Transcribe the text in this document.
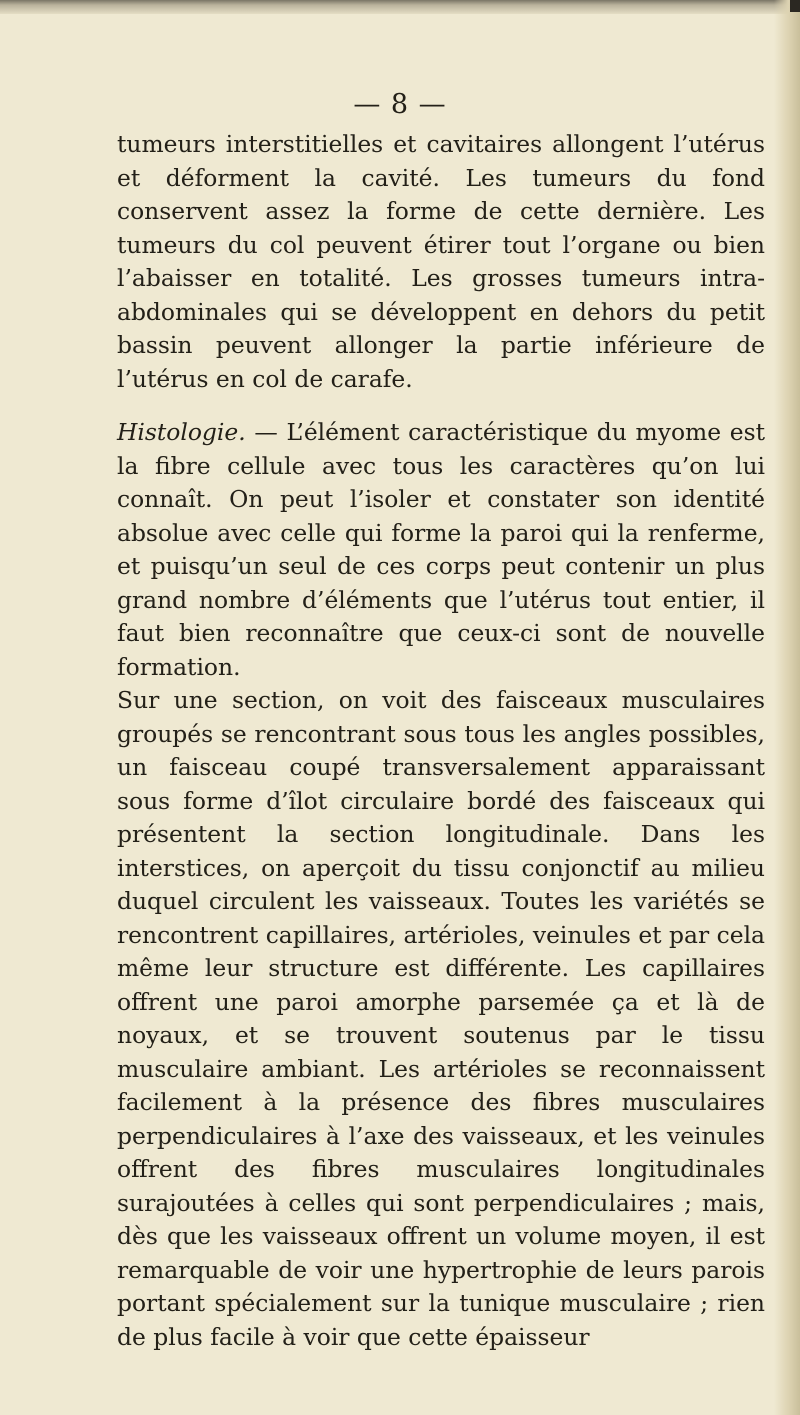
— 8 —

tumeurs interstitielles et cavitaires allongent l’utérus et déforment la cavité. Les tumeurs du fond conservent assez la forme de cette dernière. Les tumeurs du col peuvent étirer tout l’organe ou bien l’abaisser en totalité. Les grosses tumeurs intra-abdominales qui se développent en dehors du petit bassin peuvent allonger la partie inférieure de l’utérus en col de carafe.

Histologie. — L’élément caractéristique du myome est la fibre cellule avec tous les caractères qu’on lui connaît. On peut l’isoler et constater son identité absolue avec celle qui forme la paroi qui la renferme, et puisqu’un seul de ces corps peut contenir un plus grand nombre d’éléments que l’utérus tout entier, il faut bien reconnaître que ceux-ci sont de nouvelle formation.

Sur une section, on voit des faisceaux musculaires groupés se rencontrant sous tous les angles possibles, un faisceau coupé transversalement apparaissant sous forme d’îlot circulaire bordé des faisceaux qui présentent la section longitudinale. Dans les interstices, on aperçoit du tissu conjonctif au milieu duquel circulent les vaisseaux. Toutes les variétés se rencontrent capillaires, artérioles, veinules et par cela même leur structure est différente. Les capillaires offrent une paroi amorphe parsemée ça et là de noyaux, et se trouvent soutenus par le tissu musculaire ambiant. Les artérioles se reconnaissent facilement à la présence des fibres musculaires perpendiculaires à l’axe des vaisseaux, et les veinules offrent des fibres musculaires longitudinales surajoutées à celles qui sont perpendiculaires ; mais, dès que les vaisseaux offrent un volume moyen, il est remarquable de voir une hypertrophie de leurs parois portant spécialement sur la tunique musculaire ; rien de plus facile à voir que cette épaisseur
